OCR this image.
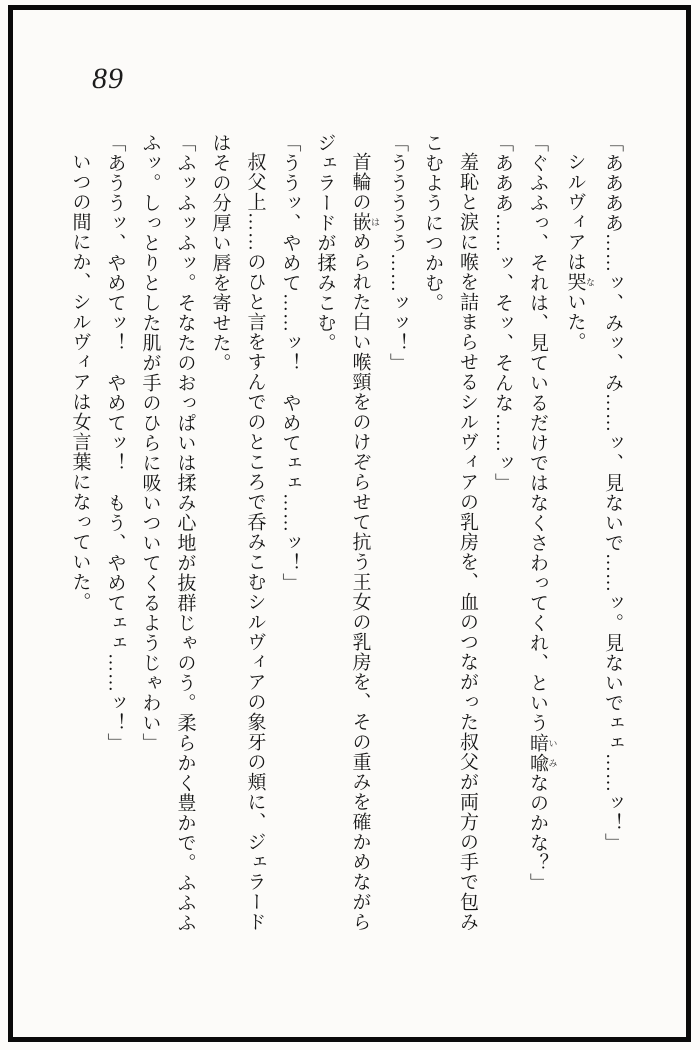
89
「ああああ……ッ、みッ、み……ッ、見ないで……ッ。見ないでェェ……ッ！」
シルヴィアは哭 ないた。
「ぐふふっ、それは、見ているだけではなくさわってくれ、という暗喩 いみなのかな？」
「あああ……ッ、そッ、そんな……ッ」
羞恥と涙に喉を詰まらせるシルヴィアの乳房を、血のつながった叔父が両方の手で包み
こむようにつかむ。
「ううううう……ッッ！」
首輪の嵌 はめられた白い喉頸をのけぞらせて抗う王女の乳房を、その重みを確かめながら
ジェラードが揉みこむ。
「ううッ、やめて……ッ！　やめてェェ……ッ！」
叔父上……のひと言をすんでのところで呑みこむシルヴィアの象牙の頬に、ジェラード
はその分厚い唇を寄せた。
「ふッふッふッ。そなたのおっぱいは揉み心地が抜群じゃのう。柔らかく豊かで。ふふふ
ふッ。しっとりとした肌が手のひらに吸いついてくるようじゃわい」
「あううッ、やめてッ！　やめてッ！　もう、やめてェェ……ッ！」
いつの間にか、シルヴィアは女言葉になっていた。
